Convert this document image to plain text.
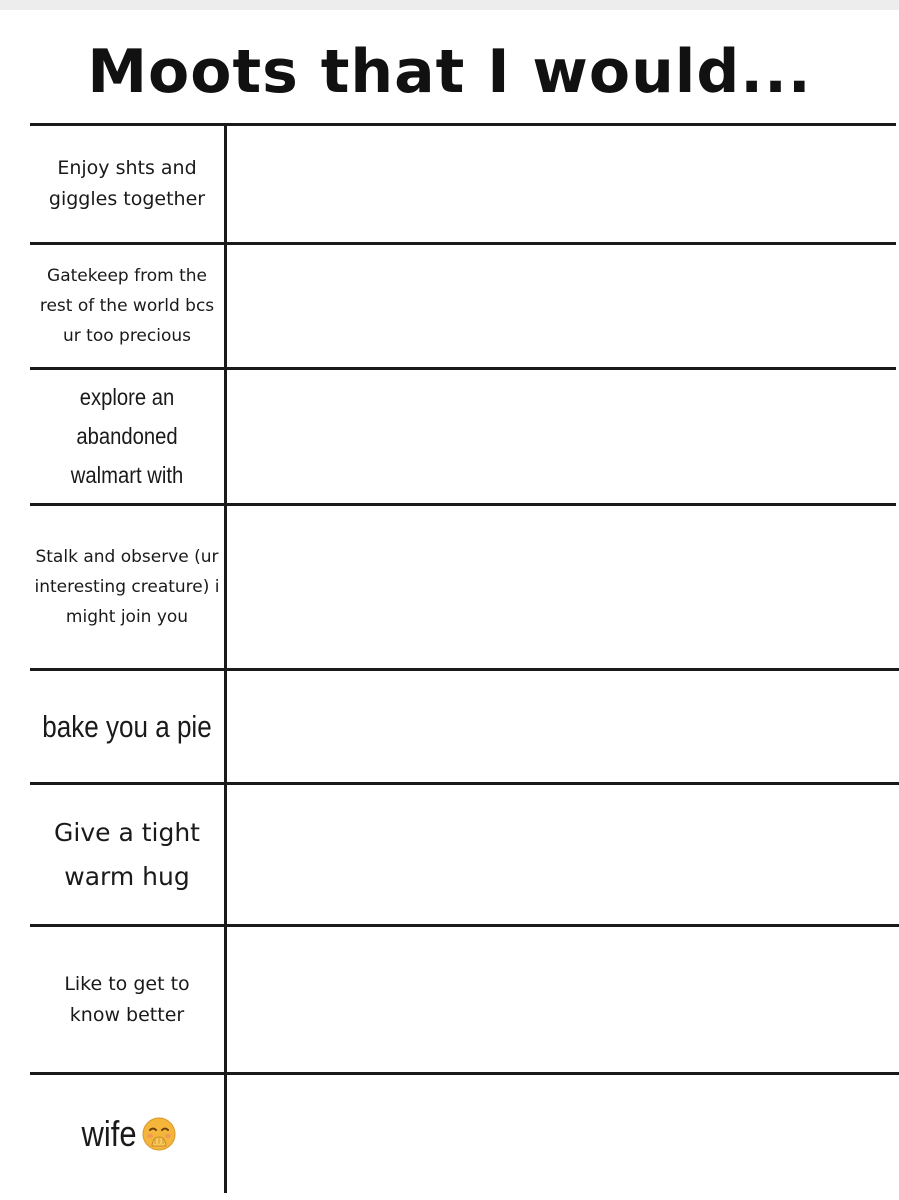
Moots that I would...
Enjoy shts and giggles together
Gatekeep from the rest of the world bcs ur too precious
explore an abandoned walmart with
Stalk and observe (ur interesting creature) i might join you
bake you a pie
Give a tight warm hug
Like to get to know better
wife
